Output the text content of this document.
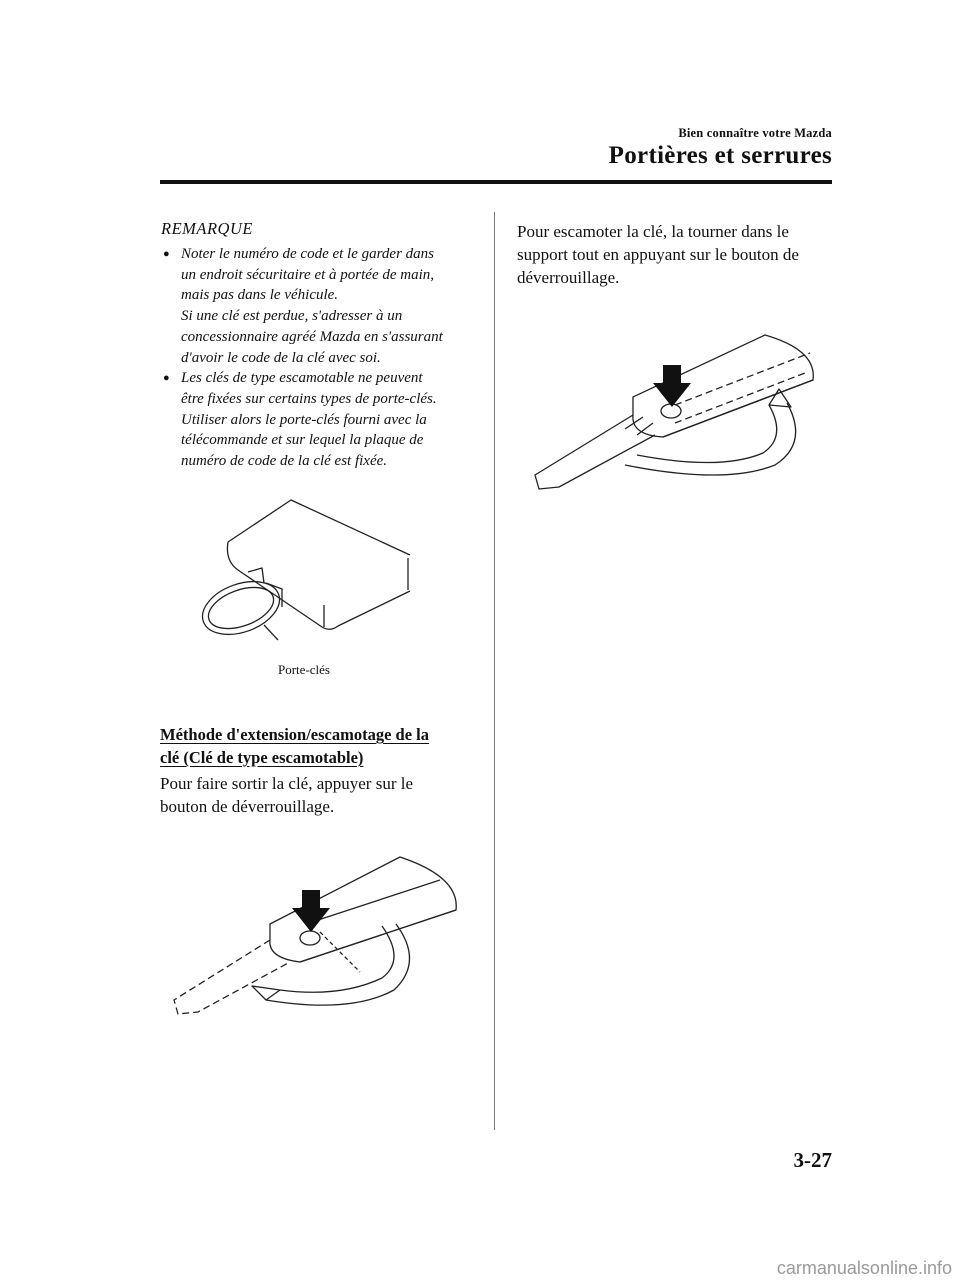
Bien connaître votre Mazda
Portières et serrures
REMARQUE
● Noter le numéro de code et le garder dans

un endroit sécuritaire et à portée de main,

mais pas dans le véhicule.

Si une clé est perdue, s'adresser à un

concessionnaire agréé Mazda en s'assurant

d'avoir le code de la clé avec soi.

● Les clés de type escamotable ne peuvent

être fixées sur certains types de porte-clés.

Utiliser alors le porte-clés fourni avec la

télécommande et sur lequel la plaque de

numéro de code de la clé est fixée.

Porte-clés
Méthode d'extension/escamotage de la
clé (Clé de type escamotable)
Pour faire sortir la clé, appuyer sur le
bouton de déverrouillage.
Pour escamoter la clé, la tourner dans le
support tout en appuyant sur le bouton de
déverrouillage.
3-27
carmanualsonline.info
